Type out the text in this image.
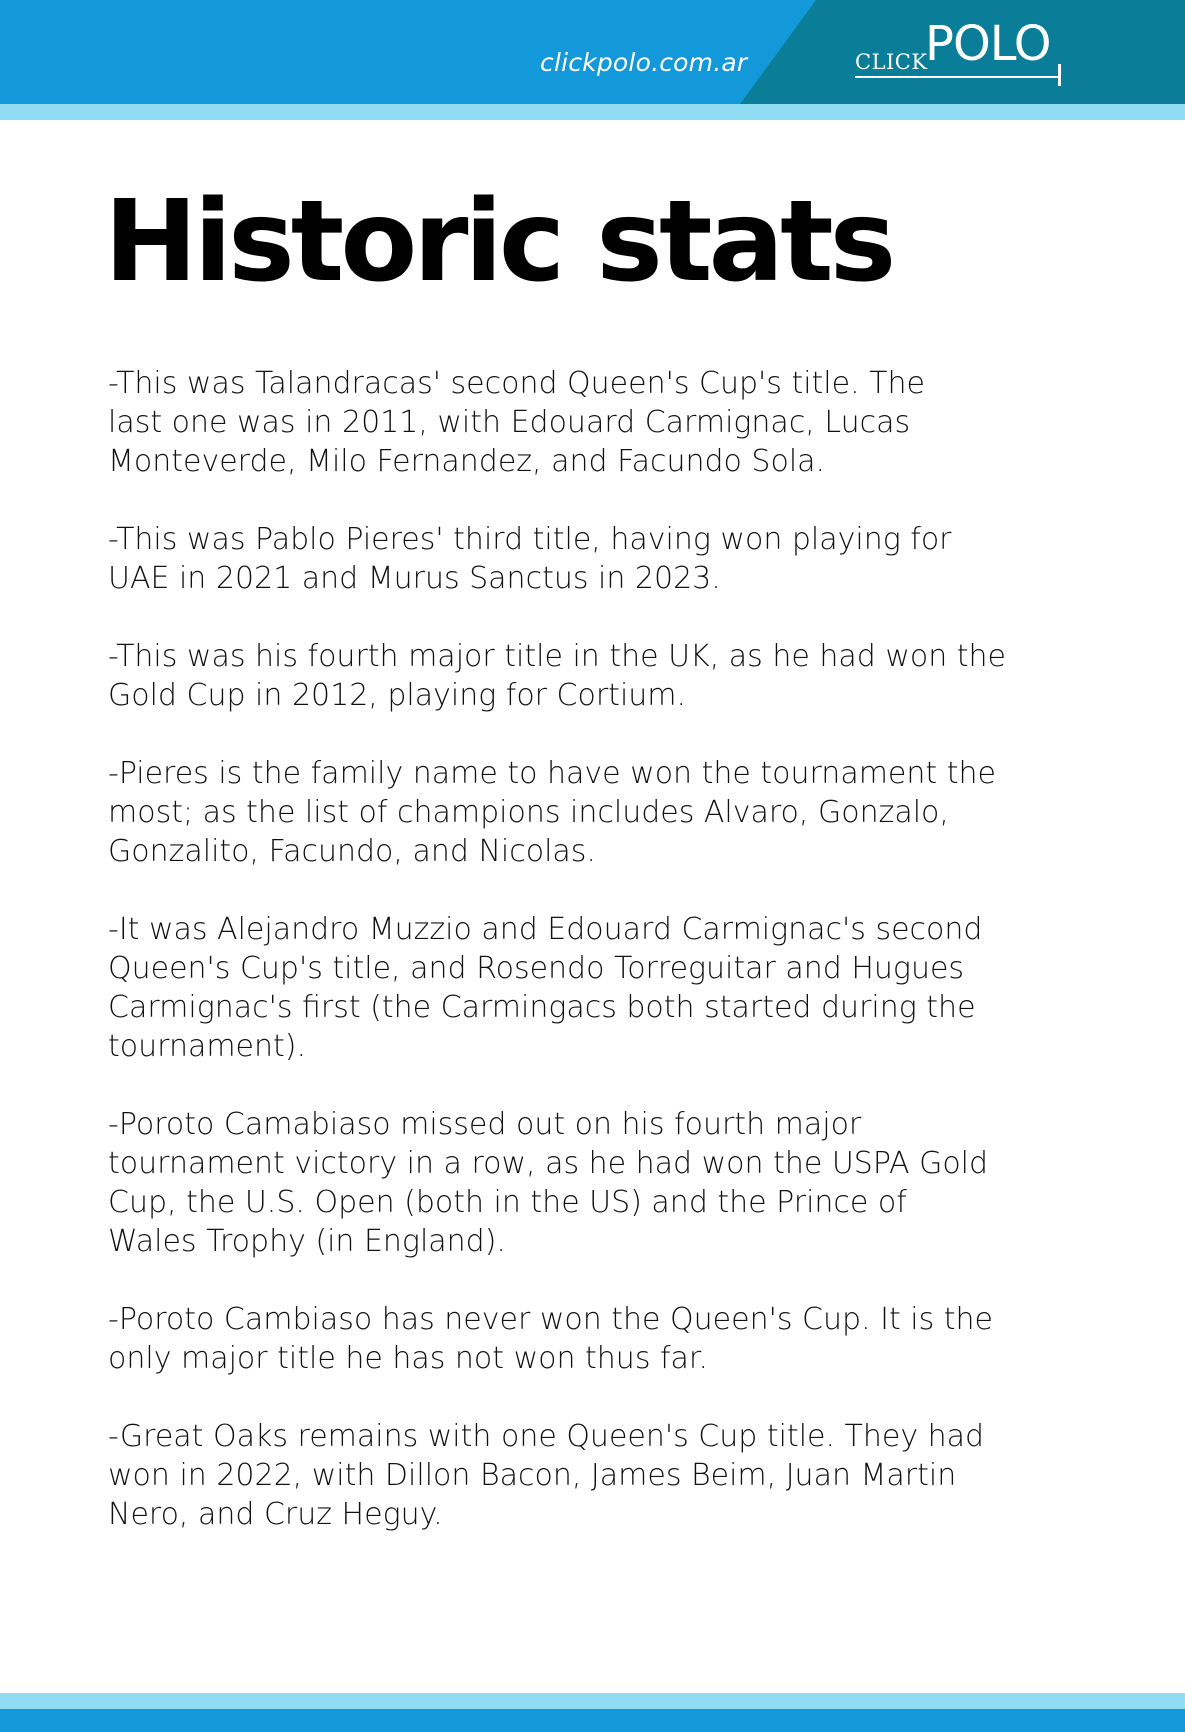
clickpolo.com.ar	CLICK
POLO
Historic stats

-This was Talandracas' second Queen's Cup's title. The
last one was in 2011, with Edouard Carmignac, Lucas
Monteverde, Milo Fernandez, and Facundo Sola.

-This was Pablo Pieres' third title, having won playing for
UAE in 2021 and Murus Sanctus in 2023.

-This was his fourth major title in the UK, as he had won the
Gold Cup in 2012, playing for Cortium.

-Pieres is the family name to have won the tournament the
most; as the list of champions includes Alvaro, Gonzalo,
Gonzalito, Facundo, and Nicolas.

-It was Alejandro Muzzio and Edouard Carmignac's second
Queen's Cup's title, and Rosendo Torreguitar and Hugues
Carmignac's first (the Carmingacs both started during the
tournament).

-Poroto Camabiaso missed out on his fourth major
tournament victory in a row, as he had won the USPA Gold
Cup, the U.S. Open (both in the US) and the Prince of
Wales Trophy (in England).

-Poroto Cambiaso has never won the Queen's Cup. It is the
only major title he has not won thus far.

-Great Oaks remains with one Queen's Cup title. They had
won in 2022, with Dillon Bacon, James Beim, Juan Martin
Nero, and Cruz Heguy.
